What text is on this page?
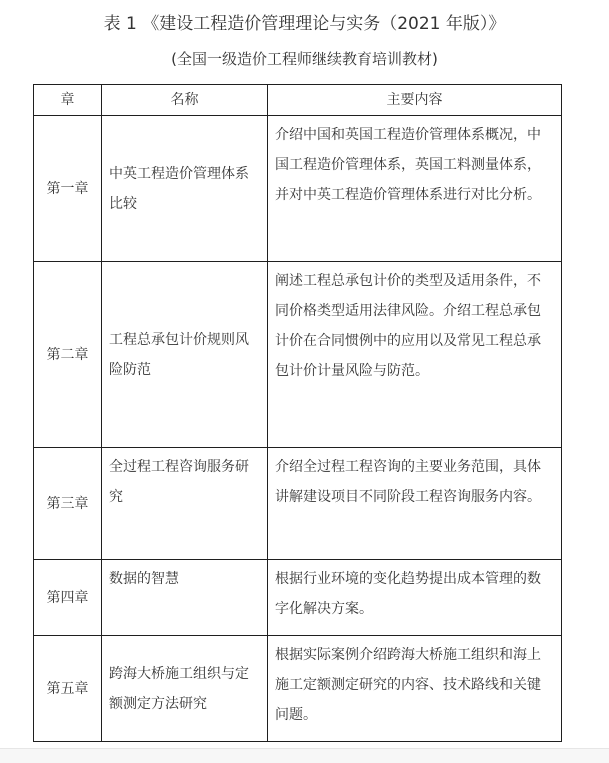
表 1 《建设工程造价管理理论与实务（2021 年版）》
(全国一级造价工程师继续教育培训教材)
章	名称	主要内容
第一章	中英工程造价管理体系比较	介绍中国和英国工程造价管理体系概况，中国工程造价管理体系，英国工料测量体系，并对中英工程造价管理体系进行对比分析。
第二章	工程总承包计价规则风险防范	阐述工程总承包计价的类型及适用条件，不同价格类型适用法律风险。介绍工程总承包计价在合同惯例中的应用以及常见工程总承包计价计量风险与防范。
第三章	全过程工程咨询服务研究	介绍全过程工程咨询的主要业务范围，具体讲解建设项目不同阶段工程咨询服务内容。
第四章	数据的智慧	根据行业环境的变化趋势提出成本管理的数字化解决方案。
第五章	跨海大桥施工组织与定额测定方法研究	根据实际案例介绍跨海大桥施工组织和海上施工定额测定研究的内容、技术路线和关键问题。
